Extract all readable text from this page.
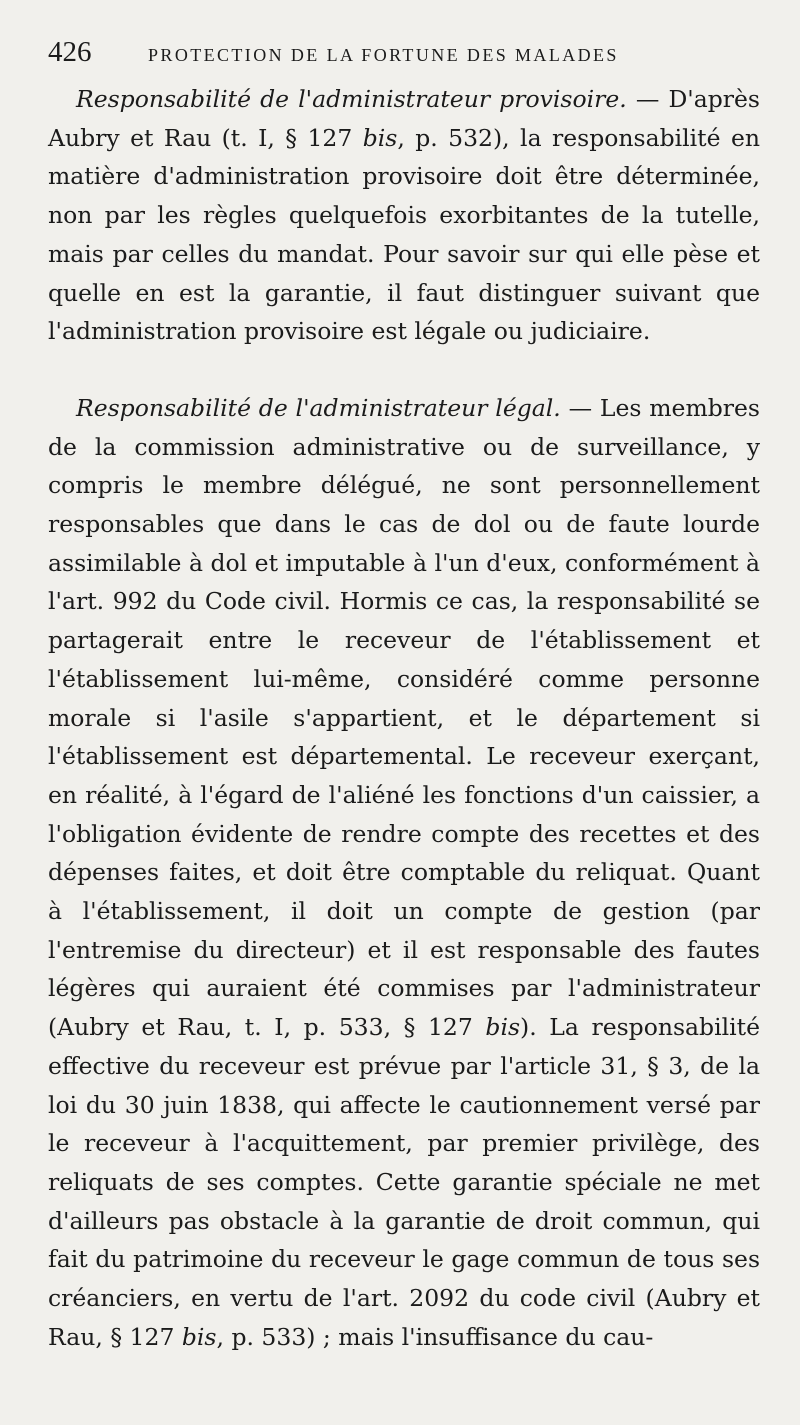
426	PROTECTION DE LA FORTUNE DES MALADES

Responsabilité de l'administrateur provisoire. — D'après Aubry et Rau (t. I, § 127 bis, p. 532), la responsabilité en matière d'administration provisoire doit être déterminée, non par les règles quelquefois exorbitantes de la tutelle, mais par celles du mandat. Pour savoir sur qui elle pèse et quelle en est la garantie, il faut distinguer suivant que l'administration provisoire est légale ou judiciaire.

Responsabilité de l'administrateur légal. — Les membres de la commission administrative ou de surveillance, y compris le membre délégué, ne sont personnellement responsables que dans le cas de dol ou de faute lourde assimilable à dol et imputable à l'un d'eux, conformément à l'art. 992 du Code civil. Hormis ce cas, la responsabilité se partagerait entre le receveur de l'établissement et l'établissement lui-même, considéré comme personne morale si l'asile s'appartient, et le département si l'établissement est départemental. Le receveur exerçant, en réalité, à l'égard de l'aliéné les fonctions d'un caissier, a l'obligation évidente de rendre compte des recettes et des dépenses faites, et doit être comptable du reliquat. Quant à l'établissement, il doit un compte de gestion (par l'entremise du directeur) et il est responsable des fautes légères qui auraient été commises par l'administrateur (Aubry et Rau, t. I, p. 533, § 127 bis). La responsabilité effective du receveur est prévue par l'article 31, § 3, de la loi du 30 juin 1838, qui affecte le cautionnement versé par le receveur à l'acquittement, par premier privilège, des reliquats de ses comptes. Cette garantie spéciale ne met d'ailleurs pas obstacle à la garantie de droit commun, qui fait du patrimoine du receveur le gage commun de tous ses créanciers, en vertu de l'art. 2092 du code civil (Aubry et Rau, § 127 bis, p. 533) ; mais l'insuffisance du cau-
